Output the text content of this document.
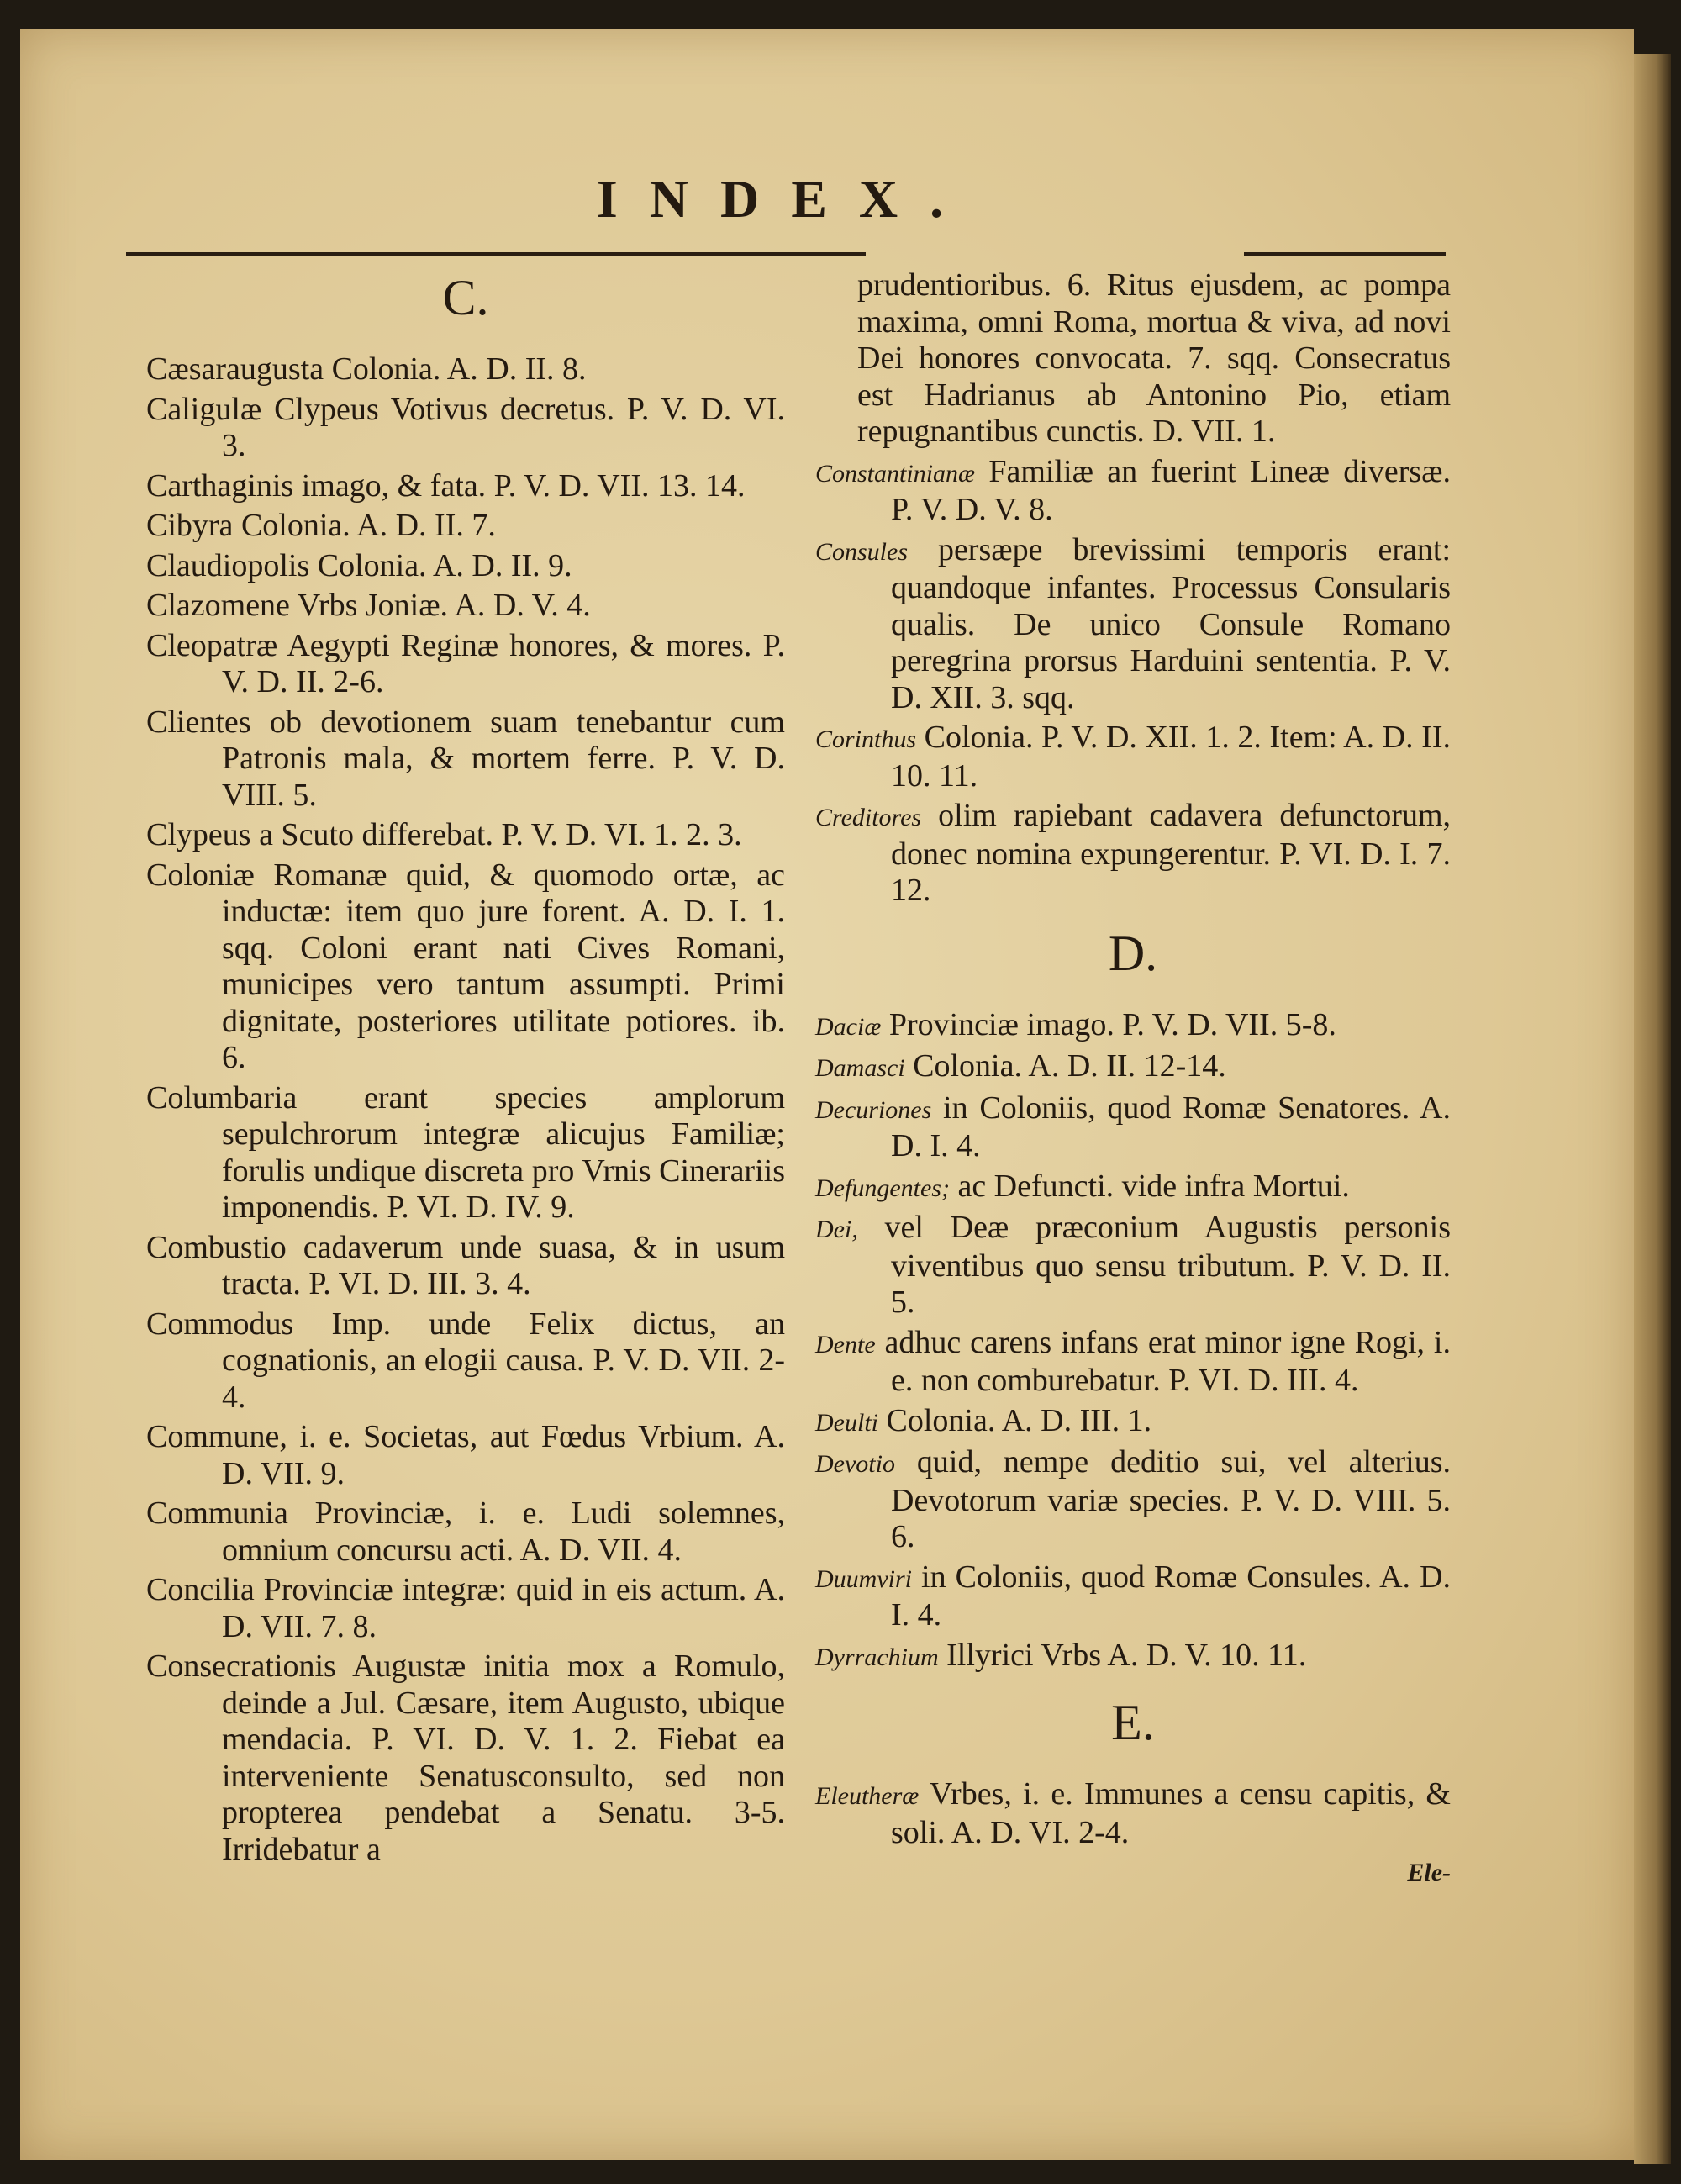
INDEX.
C.
Cæsaraugusta Colonia. A. D. II. 8.
Caligulæ Clypeus Votivus decretus. P. V. D. VI. 3.
Carthaginis imago, & fata. P. V. D. VII. 13. 14.
Cibyra Colonia. A. D. II. 7.
Claudiopolis Colonia. A. D. II. 9.
Clazomene Vrbs Joniæ. A. D. V. 4.
Cleopatræ Aegypti Reginæ honores, & mores. P. V. D. II. 2-6.
Clientes ob devotionem suam tenebantur cum Patronis mala, & mortem ferre. P. V. D. VIII. 5.
Clypeus a Scuto differebat. P. V. D. VI. 1. 2. 3.
Coloniæ Romanæ quid, & quomodo ortæ, ac inductæ: item quo jure forent. A. D. I. 1. sqq. Coloni erant nati Cives Romani, municipes vero tantum assumpti. Primi dignitate, posteriores utilitate potiores. ib. 6.
Columbaria erant species amplorum sepulchrorum integræ alicujus Familiæ; forulis undique discreta pro Vrnis Cinerariis imponendis. P. VI. D. IV. 9.
Combustio cadaverum unde suasa, & in usum tracta. P. VI. D. III. 3. 4.
Commodus Imp. unde Felix dictus, an cognationis, an elogii causa. P. V. D. VII. 2-4.
Commune, i. e. Societas, aut Fœdus Vrbium. A. D. VII. 9.
Communia Provinciæ, i. e. Ludi solemnes, omnium concursu acti. A. D. VII. 4.
Concilia Provinciæ integræ: quid in eis actum. A. D. VII. 7. 8.
Consecrationis Augustæ initia mox a Romulo, deinde a Jul. Cæsare, item Augusto, ubique mendacia. P. VI. D. V. 1. 2. Fiebat ea interveniente Senatusconsulto, sed non propterea pendebat a Senatu. 3-5. Irridebatur a
prudentioribus. 6. Ritus ejusdem, ac pompa maxima, omni Roma, mortua & viva, ad novi Dei honores convocata. 7. sqq. Consecratus est Hadrianus ab Antonino Pio, etiam repugnantibus cunctis. D. VII. 1.
Constantinianæ Familiæ an fuerint Lineæ diversæ. P. V. D. V. 8.
Consules persæpe brevissimi temporis erant: quandoque infantes. Processus Consularis qualis. De unico Consule Romano peregrina prorsus Harduini sententia. P. V. D. XII. 3. sqq.
Corinthus Colonia. P. V. D. XII. 1. 2. Item: A. D. II. 10. 11.
Creditores olim rapiebant cadavera defunctorum, donec nomina expungerentur. P. VI. D. I. 7. 12.
D.
Daciæ Provinciæ imago. P. V. D. VII. 5-8.
Damasci Colonia. A. D. II. 12-14.
Decuriones in Coloniis, quod Romæ Senatores. A. D. I. 4.
Defungentes; ac Defuncti. vide infra Mortui.
Dei, vel Deæ præconium Augustis personis viventibus quo sensu tributum. P. V. D. II. 5.
Dente adhuc carens infans erat minor igne Rogi, i. e. non comburebatur. P. VI. D. III. 4.
Deulti Colonia. A. D. III. 1.
Devotio quid, nempe deditio sui, vel alterius. Devotorum variæ species. P. V. D. VIII. 5. 6.
Duumviri in Coloniis, quod Romæ Consules. A. D. I. 4.
Dyrrachium Illyrici Vrbs A. D. V. 10. 11.
E.
Eleutheræ Vrbes, i. e. Immunes a censu capitis, & soli. A. D. VI. 2-4.
Ele-
